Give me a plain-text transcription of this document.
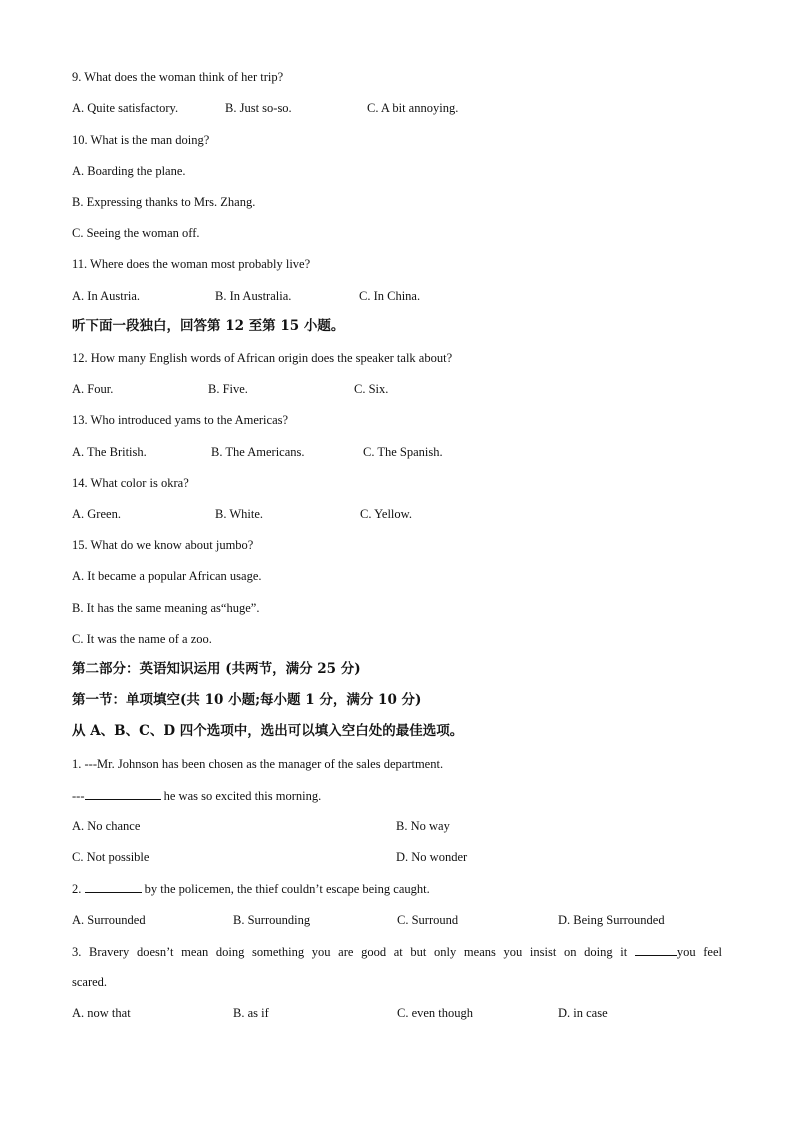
9. What does the woman think of her trip?
A. Quite satisfactory.	B. Just so-so.	C. A bit annoying.
10. What is the man doing?
A. Boarding the plane.
B. Expressing thanks to Mrs. Zhang.
C. Seeing the woman off.
11. Where does the woman most probably live?
A. In Austria.	B. In Australia.	C. In China.
听下面一段独白，回答第 12 至第 15 小题。
12. How many English words of African origin does the speaker talk about?
A. Four.	B. Five.	C. Six.
13. Who introduced yams to the Americas?
A. The British.	B. The Americans.	C. The Spanish.
14. What color is okra?
A. Green.	B. White.	C. Yellow.
15. What do we know about jumbo?
A. It became a popular African usage.
B. It has the same meaning as“huge”.
C. It was the name of a zoo.
第二部分：英语知识运用 (共两节，满分 25 分)
第一节：单项填空(共 10 小题;每小题 1 分，满分 10 分)
从 A、B、C、D 四个选项中，选出可以填入空白处的最佳选项。
1. ---Mr. Johnson has been chosen as the manager of the sales department.
---	he was so excited this morning.
A. No chance	B. No way
C. Not possible	D. No wonder
2.	by the policemen, the thief couldn’t escape being caught.
A. Surrounded	B. Surrounding	C. Surround	D. Being Surrounded
3. Bravery doesn’t mean doing something you are good at but only means you insist on doing it	you feel
scared.
A. now that	B. as if	C. even though	D. in case
